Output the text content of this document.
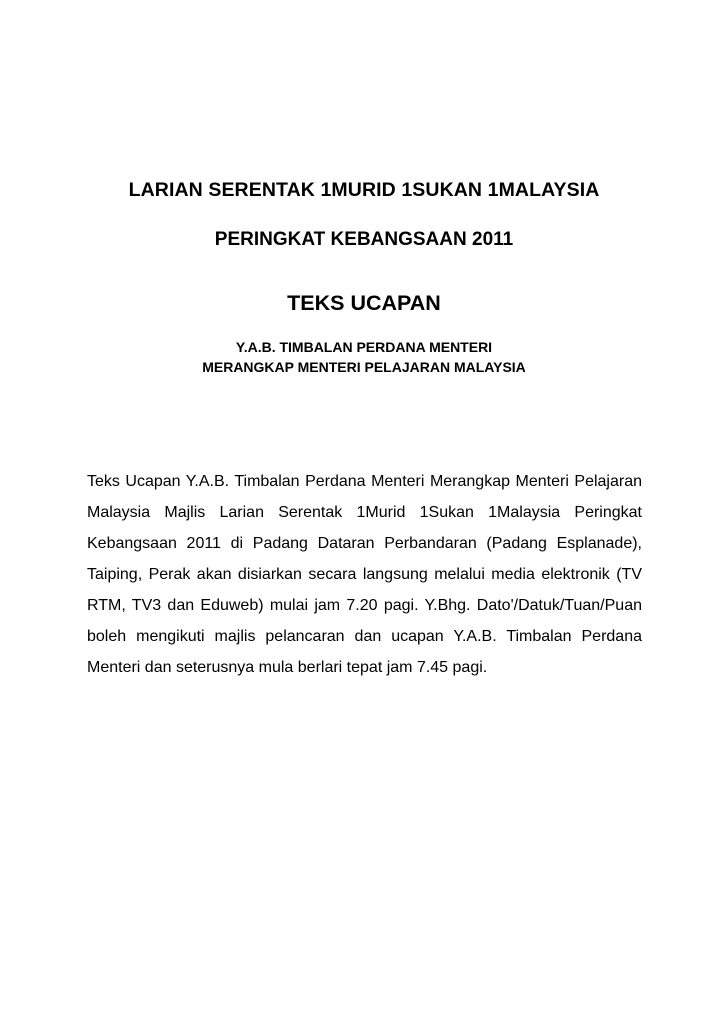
LARIAN SERENTAK 1MURID 1SUKAN 1MALAYSIA
PERINGKAT KEBANGSAAN 2011
TEKS UCAPAN
Y.A.B. TIMBALAN PERDANA MENTERI
MERANGKAP MENTERI PELAJARAN MALAYSIA

Teks Ucapan Y.A.B. Timbalan Perdana Menteri Merangkap Menteri Pelajaran Malaysia Majlis Larian Serentak 1Murid 1Sukan 1Malaysia Peringkat Kebangsaan 2011 di Padang Dataran Perbandaran (Padang Esplanade), Taiping, Perak akan disiarkan secara langsung melalui media elektronik (TV RTM, TV3 dan Eduweb) mulai jam 7.20 pagi. Y.Bhg. Dato'/Datuk/Tuan/Puan boleh mengikuti majlis pelancaran dan ucapan Y.A.B. Timbalan Perdana Menteri dan seterusnya mula berlari tepat jam 7.45 pagi.
